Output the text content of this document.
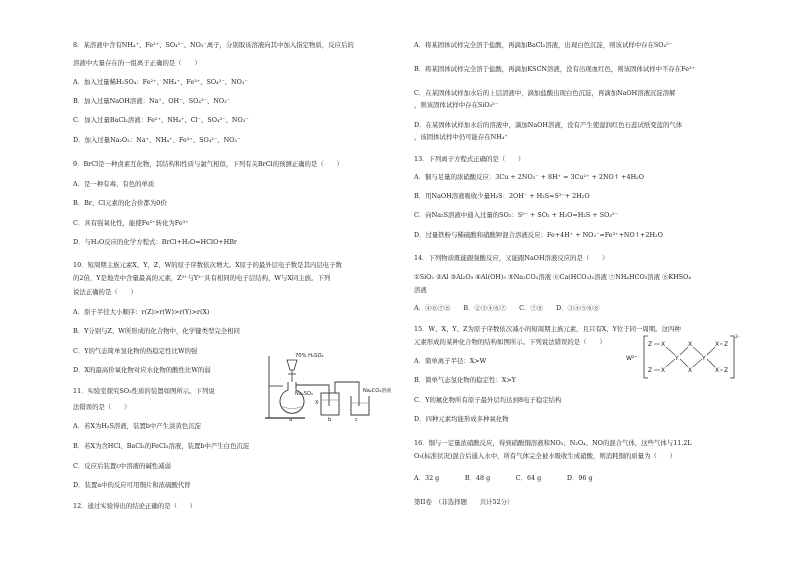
8．某溶液中含有NH₄⁺、Fe²⁺、SO₄²⁻、NO₃⁻离子，分别取该溶液向其中加入指定物质，反应后的
溶液中大量存在的一组离子正确的是（　　）
A．加入过量稀H₂SO₄：Fe²⁺、NH₄⁺、Fe³⁺、SO₄²⁻、NO₃⁻
B．加入过量NaOH溶液：Na⁺、OH⁻、SO₄²⁻、NO₃⁻
C．加入过量BaCl₂溶液：Fe²⁺、NH₄⁺、Cl⁻、SO₄²⁻、NO₃⁻
D．加入过量Na₂O₂：Na⁺、NH₄⁺、Fe³⁺、SO₄²⁻、NO₃⁻
9．BrCl是一种卤素互化物，其结构和性质与氯气相似，下列有关BrCl的预测正确的是（　　）
A．是一种有毒、有色的单质
B．Br、Cl元素的化合价都为0价
C．具有强氧化性，能使Fe²⁺转化为Fe³⁺
D．与H₂O反应的化学方程式：BrCl+H₂O=HClO+HBr
10．短周期主族元素X、Y、Z、W的原子序数依次增大。X原子的最外层电子数是其内层电子数
的2倍，Y是地壳中含量最高的元素，Z²⁺与Y²⁻具有相同的电子层结构，W与X同主族。下列
说法正确的是（　　）
A．原子半径大小顺序：r(Z)>r(W)>r(Y)>r(X)
B．Y分别与Z、W所形成的化合物中，化学键类型完全相同
C．Y的气态简单氢化物的热稳定性比W的强
D．X的最高价氧化物对应水化物的酸性比W的弱
11．实验室探究SO₂性质的装置如图所示。下列说
法错误的是（　　）
A．若X为H₂S溶液，装置b中产生淡黄色沉淀
B．若X为含HCl、BaCl₂的FeCl₃溶液，装置b中产生白色沉淀
C．反应后装置c中溶液的碱性减弱
D．装置a中的反应可用铜片和浓硫酸代替
12．通过实验得出的结论正确的是（　　）
70% H₂SO₄
Na₂SO₃
a
X
b	c
Na₂CO₃溶液
A．将某固体试样完全溶于盐酸，再滴加BaCl₂溶液，出现白色沉淀，则该试样中存在SO₄²⁻
B．将某固体试样完全溶于盐酸，再滴加KSCN溶液，没有出现血红色，则该固体试样中不存在Fe³⁺
C．在某固体试样加水后的上层清液中，滴加盐酸出现白色沉淀，再滴加NaOH溶液沉淀溶解
，则该固体试样中存在SiO₃²⁻
D．在某固体试样加水后的溶液中，滴加NaOH溶液，没有产生使湿润红色石蕊试纸变蓝的气体
，该固体试样中仍可能存在NH₄⁺
13．下列离子方程式正确的是（　　）
A．铜与足量的浓硝酸反应：3Cu + 2NO₃⁻ + 8H⁺ = 3Cu²⁺ + 2NO↑ +4H₂O
B．用NaOH溶液吸收少量H₂S：2OH⁻ + H₂S=S²⁻+ 2H₂O
C．向Na₂S溶液中通入过量的SO₂：S²⁻ + SO₂ + H₂O=H₂S + SO₃²⁻
D．过量铁粉与稀硫酸和硝酸钾混合溶液反应：Fe+4H⁺ + NO₃⁻=Fe³⁺+NO↑+2H₂O
14．下列物质既能跟强酸反应，又能跟NaOH溶液反应的是（　　）
①SiO₂ ②Al ③Al₂O₃ ④Al(OH)₃ ⑤Na₂CO₃溶液 ⑥Ca(HCO₃)₂溶液 ⑦NH₄HCO₃溶液 ⑧KHSO₄
溶液
A．④⑥⑦⑧　　B．②③④⑥⑦　　C．⑦⑧　　D．③④⑤⑥⑧
15．W、X、Y、Z为原子序数依次减小的短周期主族元素，且只有X、Y位于同一周期。这四种
元素形成的某种化合物的结构如图所示。下列说法错误的是（　　）
A．简单离子半径：X>W
B．简单气态氢化物的稳定性：X>Y
C．Y的氟化物所有原子最外层均达到8电子稳定结构
D．四种元素均能形成多种氧化物
W²⁺
2-
Z X
Z X
Y
X
X
Y
X
X
Z
Z
16．铜与一定量浓硝酸反应，得到硝酸铜溶液和NO₂、N₂O₄、NO的混合气体，这些气体与11.2L
O₂(标准状况)混合后通入水中，所有气体完全被水吸收生成硝酸，则消耗铜的质量为（　　）
A．32 g　　　　B．48 g　　　　C．64 g　　　　D．96 g
第II卷　（非选择题　　共计52分）
